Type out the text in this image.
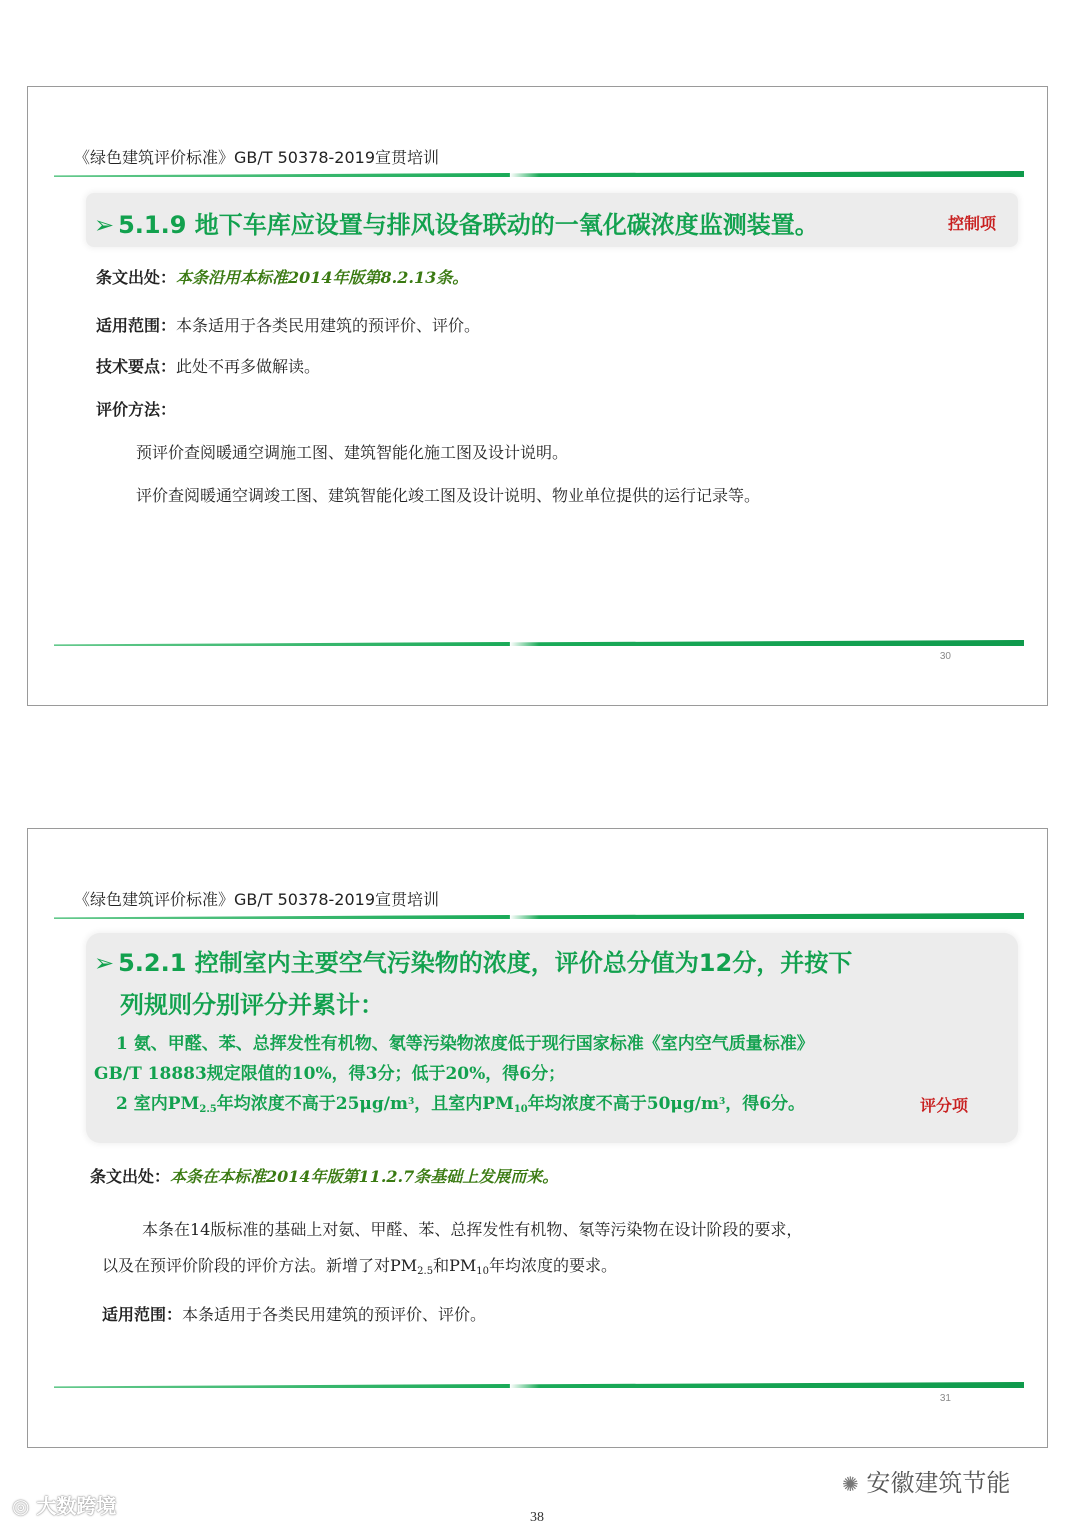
《绿色建筑评价标准》GB/T 50378-2019宣贯培训
➢ 5.1.9 地下车库应设置与排风设备联动的一氧化碳浓度监测装置。	控制项
条文出处：本条沿用本标准2014年版第8.2.13条。
适用范围：本条适用于各类民用建筑的预评价、评价。
技术要点：此处不再多做解读。
评价方法：
预评价查阅暖通空调施工图、建筑智能化施工图及设计说明。
评价查阅暖通空调竣工图、建筑智能化竣工图及设计说明、物业单位提供的运行记录等。
30
《绿色建筑评价标准》GB/T 50378-2019宣贯培训
➢ 5.2.1 控制室内主要空气污染物的浓度，评价总分值为12分，并按下
列规则分别评分并累计：
1 氨、甲醛、苯、总挥发性有机物、氡等污染物浓度低于现行国家标准《室内空气质量标准》
GB/T 18883规定限值的10%，得3分；低于20%，得6分；
2 室内$PM_{2.5}$年均浓度不高于$25\mu g/m^3$，且室内$PM_{10}$年均浓度不高于$50\mu g/m^3$，得6分。	评分项
条文出处：本条在本标准2014年版第11.2.7条基础上发展而来。
本条在14版标准的基础上对氨、甲醛、苯、总挥发性有机物、氡等污染物在设计阶段的要求，
以及在预评价阶段的评价方法。新增了对$PM_{2.5}$和$PM_{10}$年均浓度的要求。
适用范围：本条适用于各类民用建筑的预评价、评价。
31
✺ 安徽建筑节能
◎ 大数跨境	38
